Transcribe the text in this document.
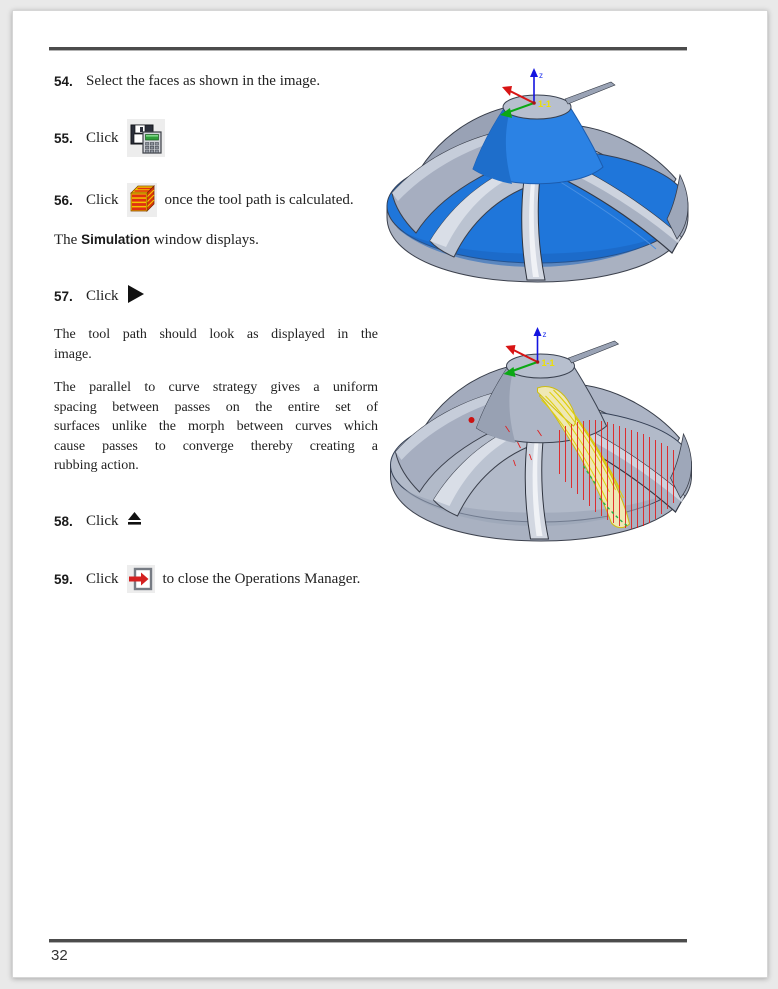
54. Select the faces as shown in the image.
55. Click
56. Click	once the tool path is calculated.
The Simulation window displays.
57. Click
The tool path should look as displayed in the
image.
The parallel to curve strategy gives a uniform
spacing between passes on the entire set of
surfaces unlike the morph between curves which
cause passes to converge thereby creating a
rubbing action.
58. Click
59. Click	to close the Operations Manager.
z
1-1
z
1-1
32
